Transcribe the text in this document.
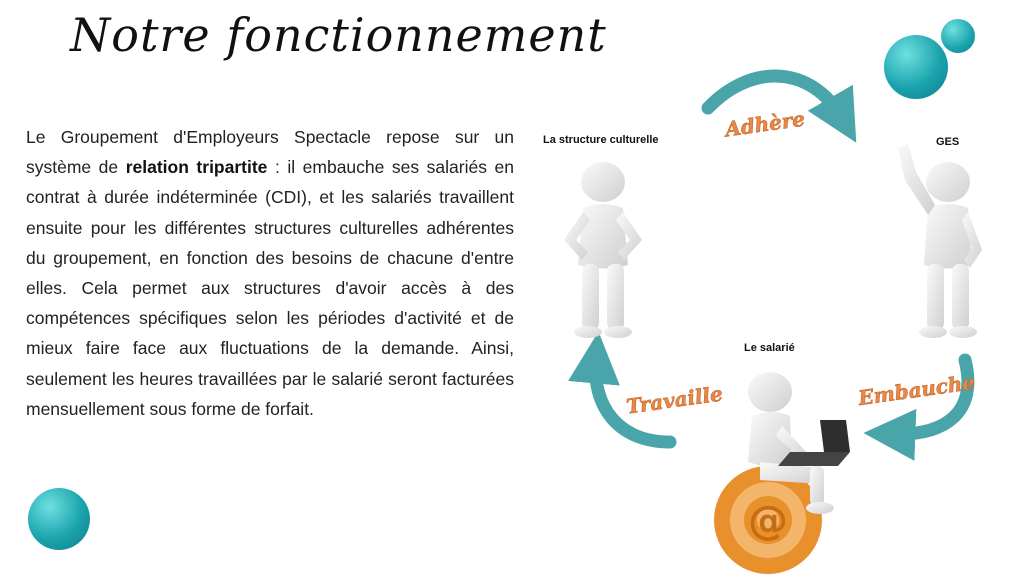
Notre fonctionnement

Le Groupement d'Employeurs Spectacle repose sur un système de relation tripartite : il embauche ses salariés en contrat à durée indéterminée (CDI), et les salariés travaillent ensuite pour les différentes structures culturelles adhérentes du groupement, en fonction des besoins de chacune d'entre elles. Cela permet aux structures d'avoir accès à des compétences spécifiques selon les périodes d'activité et de mieux faire face aux fluctuations de la demande. Ainsi, seulement les heures travaillées par le salarié seront facturées mensuellement sous forme de forfait.

@
La structure culturelle	GES
Le salarié
Adhère
Embauche
Travaille
